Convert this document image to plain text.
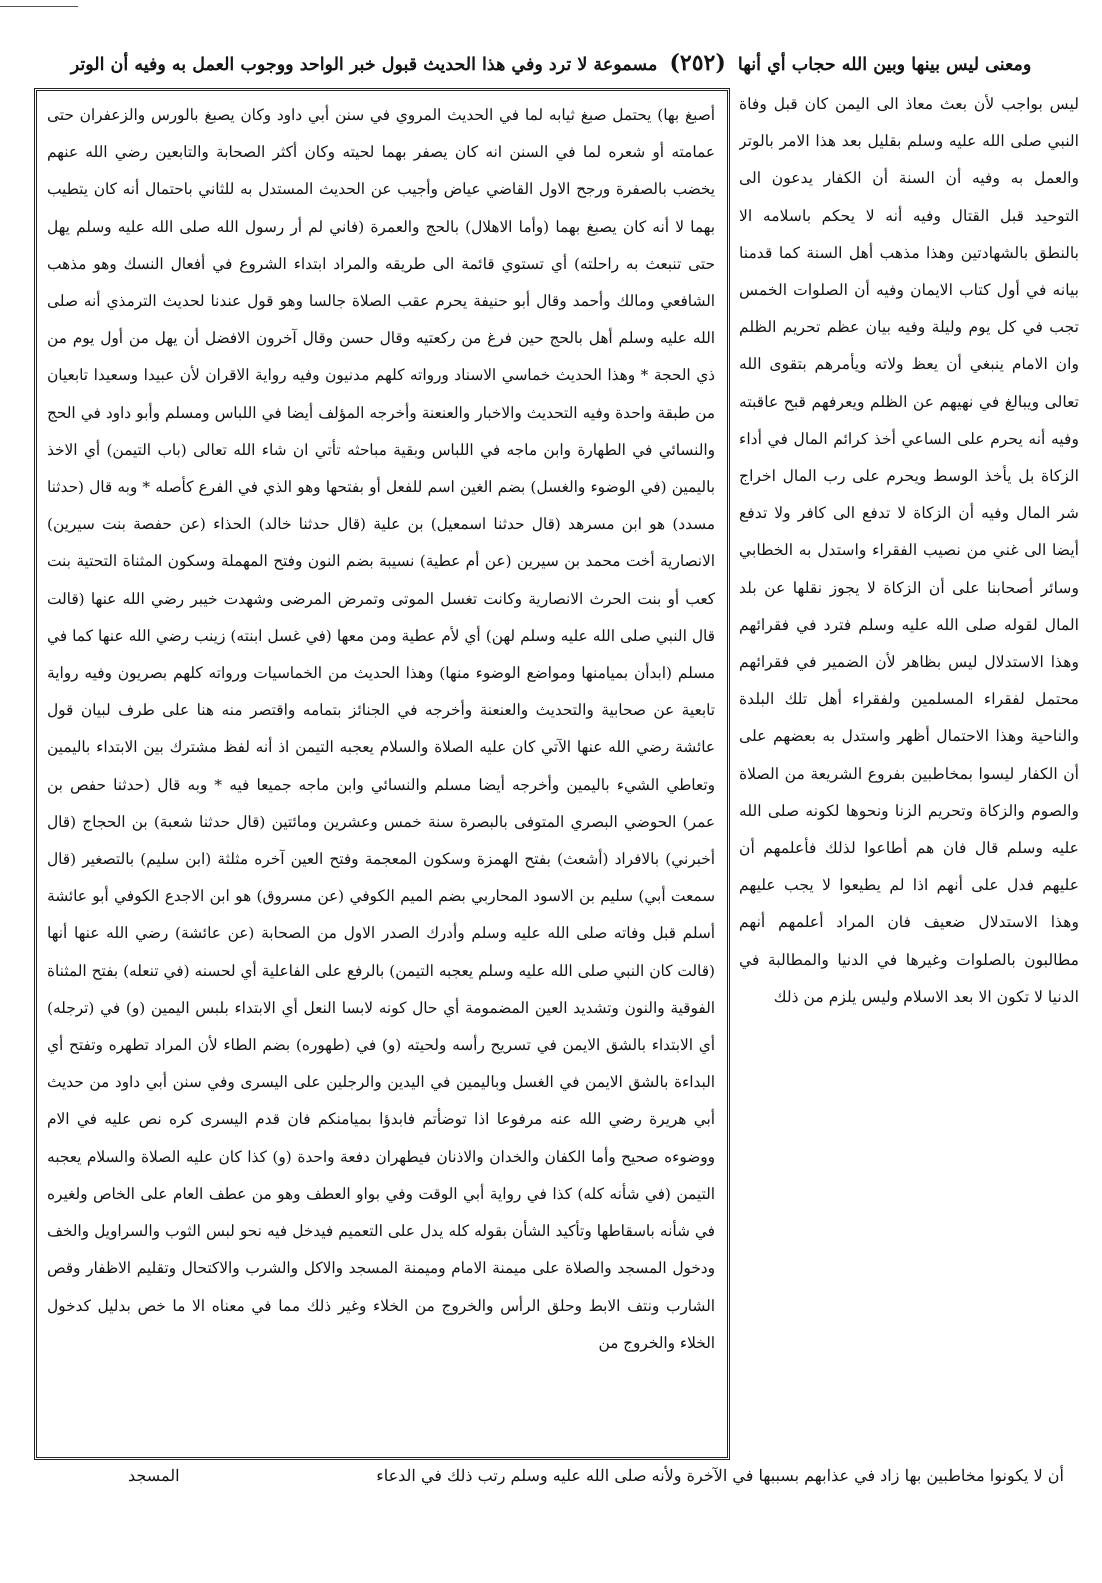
ومعنى ليس بينها وبين الله حجاب أي أنها (٢٥٢) مسموعة لا ترد وفي هذا الحديث قبول خبر الواحد ووجوب العمل به وفيه أن الوتر
ليس بواجب لأن بعث معاذ الى اليمن كان قبل وفاة النبي صلى الله عليه وسلم بقليل بعد هذا الامر بالوتر والعمل به وفيه أن السنة أن الكفار يدعون الى التوحيد قبل القتال وفيه أنه لا يحكم باسلامه الا بالنطق بالشهادتين وهذا مذهب أهل السنة كما قدمنا بيانه في أول كتاب الايمان وفيه أن الصلوات الخمس تجب في كل يوم وليلة وفيه بيان عظم تحريم الظلم وان الامام ينبغي أن يعظ ولاته ويأمرهم بتقوى الله تعالى ويبالغ في نهيهم عن الظلم ويعرفهم قبح عاقبته وفيه أنه يحرم على الساعي أخذ كرائم المال في أداء الزكاة بل يأخذ الوسط ويحرم على رب المال اخراج شر المال وفيه أن الزكاة لا تدفع الى كافر ولا تدفع أيضا الى غني من نصيب الفقراء واستدل به الخطابي وسائر أصحابنا على أن الزكاة لا يجوز نقلها عن بلد المال لقوله صلى الله عليه وسلم فترد في فقرائهم وهذا الاستدلال ليس بظاهر لأن الضمير في فقرائهم محتمل لفقراء المسلمين ولفقراء أهل تلك البلدة والناحية وهذا الاحتمال أظهر واستدل به بعضهم على أن الكفار ليسوا بمخاطبين بفروع الشريعة من الصلاة والصوم والزكاة وتحريم الزنا ونحوها لكونه صلى الله عليه وسلم قال فان هم أطاعوا لذلك فأعلمهم أن عليهم فدل على أنهم اذا لم يطيعوا لا يجب عليهم وهذا الاستدلال ضعيف فان المراد أعلمهم أنهم مطالبون بالصلوات وغيرها في الدنيا والمطالبة في الدنيا لا تكون الا بعد الاسلام وليس يلزم من ذلك
أصبغ بها) يحتمل صبغ ثيابه لما في الحديث المروي في سنن أبي داود وكان يصبغ بالورس والزعفران حتى عمامته أو شعره لما في السنن انه كان يصفر بهما لحيته وكان أكثر الصحابة والتابعين رضي الله عنهم يخضب بالصفرة ورجح الاول القاضي عياض وأجيب عن الحديث المستدل به للثاني باحتمال أنه كان يتطيب بهما لا أنه كان يصبغ بهما (وأما الاهلال) بالحج والعمرة (فاني لم أر رسول الله صلى الله عليه وسلم يهل حتى تنبعث به راحلته) أي تستوي قائمة الى طريقه والمراد ابتداء الشروع في أفعال النسك وهو مذهب الشافعي ومالك وأحمد وقال أبو حنيفة يحرم عقب الصلاة جالسا وهو قول عندنا لحديث الترمذي أنه صلى الله عليه وسلم أهل بالحج حين فرغ من ركعتيه وقال حسن وقال آخرون الافضل أن يهل من أول يوم من ذي الحجة * وهذا الحديث خماسي الاسناد ورواته كلهم مدنيون وفيه رواية الاقران لأن عبيدا وسعيدا تابعيان من طبقة واحدة وفيه التحديث والاخبار والعنعنة وأخرجه المؤلف أيضا في اللباس ومسلم وأبو داود في الحج والنسائي في الطهارة وابن ماجه في اللباس وبقية مباحثه تأتي ان شاء الله تعالى (باب التيمن) أي الاخذ باليمين (في الوضوء والغسل) بضم الغين اسم للفعل أو بفتحها وهو الذي في الفرع كأصله * وبه قال (حدثنا مسدد) هو ابن مسرهد (قال حدثنا اسمعيل) بن علية (قال حدثنا خالد) الحذاء (عن حفصة بنت سيرين) الانصارية أخت محمد بن سيرين (عن أم عطية) نسيبة بضم النون وفتح المهملة وسكون المثناة التحتية بنت كعب أو بنت الحرث الانصارية وكانت تغسل الموتى وتمرض المرضى وشهدت خيبر رضي الله عنها (قالت قال النبي صلى الله عليه وسلم لهن) أي لأم عطية ومن معها (في غسل ابنته) زينب رضي الله عنها كما في مسلم (ابدأن بميامنها ومواضع الوضوء منها) وهذا الحديث من الخماسيات ورواته كلهم بصريون وفيه رواية تابعية عن صحابية والتحديث والعنعنة وأخرجه في الجنائز بتمامه واقتصر منه هنا على طرف لبيان قول عائشة رضي الله عنها الآتي كان عليه الصلاة والسلام يعجبه التيمن اذ أنه لفظ مشترك بين الابتداء باليمين وتعاطي الشيء باليمين وأخرجه أيضا مسلم والنسائي وابن ماجه جميعا فيه * وبه قال (حدثنا حفص بن عمر) الحوضي البصري المتوفى بالبصرة سنة خمس وعشرين ومائتين (قال حدثنا شعبة) بن الحجاج (قال أخبرني) بالافراد (أشعث) بفتح الهمزة وسكون المعجمة وفتح العين آخره مثلثة (ابن سليم) بالتصغير (قال سمعت أبي) سليم بن الاسود المحاربي بضم الميم الكوفي (عن مسروق) هو ابن الاجدع الكوفي أبو عائشة أسلم قبل وفاته صلى الله عليه وسلم وأدرك الصدر الاول من الصحابة (عن عائشة) رضي الله عنها أنها (قالت كان النبي صلى الله عليه وسلم يعجبه التيمن) بالرفع على الفاعلية أي لحسنه (في تنعله) بفتح المثناة الفوقية والنون وتشديد العين المضمومة أي حال كونه لابسا النعل أي الابتداء بلبس اليمين (و) في (ترجله) أي الابتداء بالشق الايمن في تسريح رأسه ولحيته (و) في (طهوره) بضم الطاء لأن المراد تطهره وتفتح أي البداءة بالشق الايمن في الغسل وباليمين في اليدين والرجلين على اليسرى وفي سنن أبي داود من حديث أبي هريرة رضي الله عنه مرفوعا اذا توضأتم فابدؤا بميامنكم فان قدم اليسرى كره نص عليه في الام ووضوءه صحيح وأما الكفان والخدان والاذنان فيطهران دفعة واحدة (و) كذا كان عليه الصلاة والسلام يعجبه التيمن (في شأنه كله) كذا في رواية أبي الوقت وفي بواو العطف وهو من عطف العام على الخاص ولغيره في شأنه باسقاطها وتأكيد الشأن بقوله كله يدل على التعميم فيدخل فيه نحو لبس الثوب والسراويل والخف ودخول المسجد والصلاة على ميمنة الامام وميمنة المسجد والاكل والشرب والاكتحال وتقليم الاظفار وقص الشارب ونتف الابط وحلق الرأس والخروج من الخلاء وغير ذلك مما في معناه الا ما خص بدليل كدخول الخلاء والخروج من
أن لا يكونوا مخاطبين بها زاد في عذابهم بسببها في الآخرة ولأنه صلى الله عليه وسلم رتب ذلك في الدعاء
المسجد
